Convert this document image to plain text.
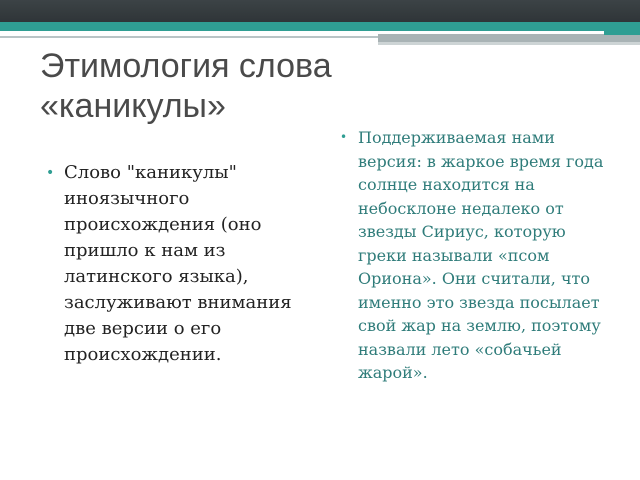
Этимология слова «каникулы»
• Слово "каникулы" иноязычного происхождения (оно пришло к нам из латинского языка), заслуживают внимания две версии о его происхождении.
• Поддерживаемая нами версия: в жаркое время года солнце находится на небосклоне недалеко от звезды Сириус, которую греки называли «псом Ориона». Они считали, что именно это звезда посылает свой жар на землю, поэтому назвали лето «собачьей жарой».
